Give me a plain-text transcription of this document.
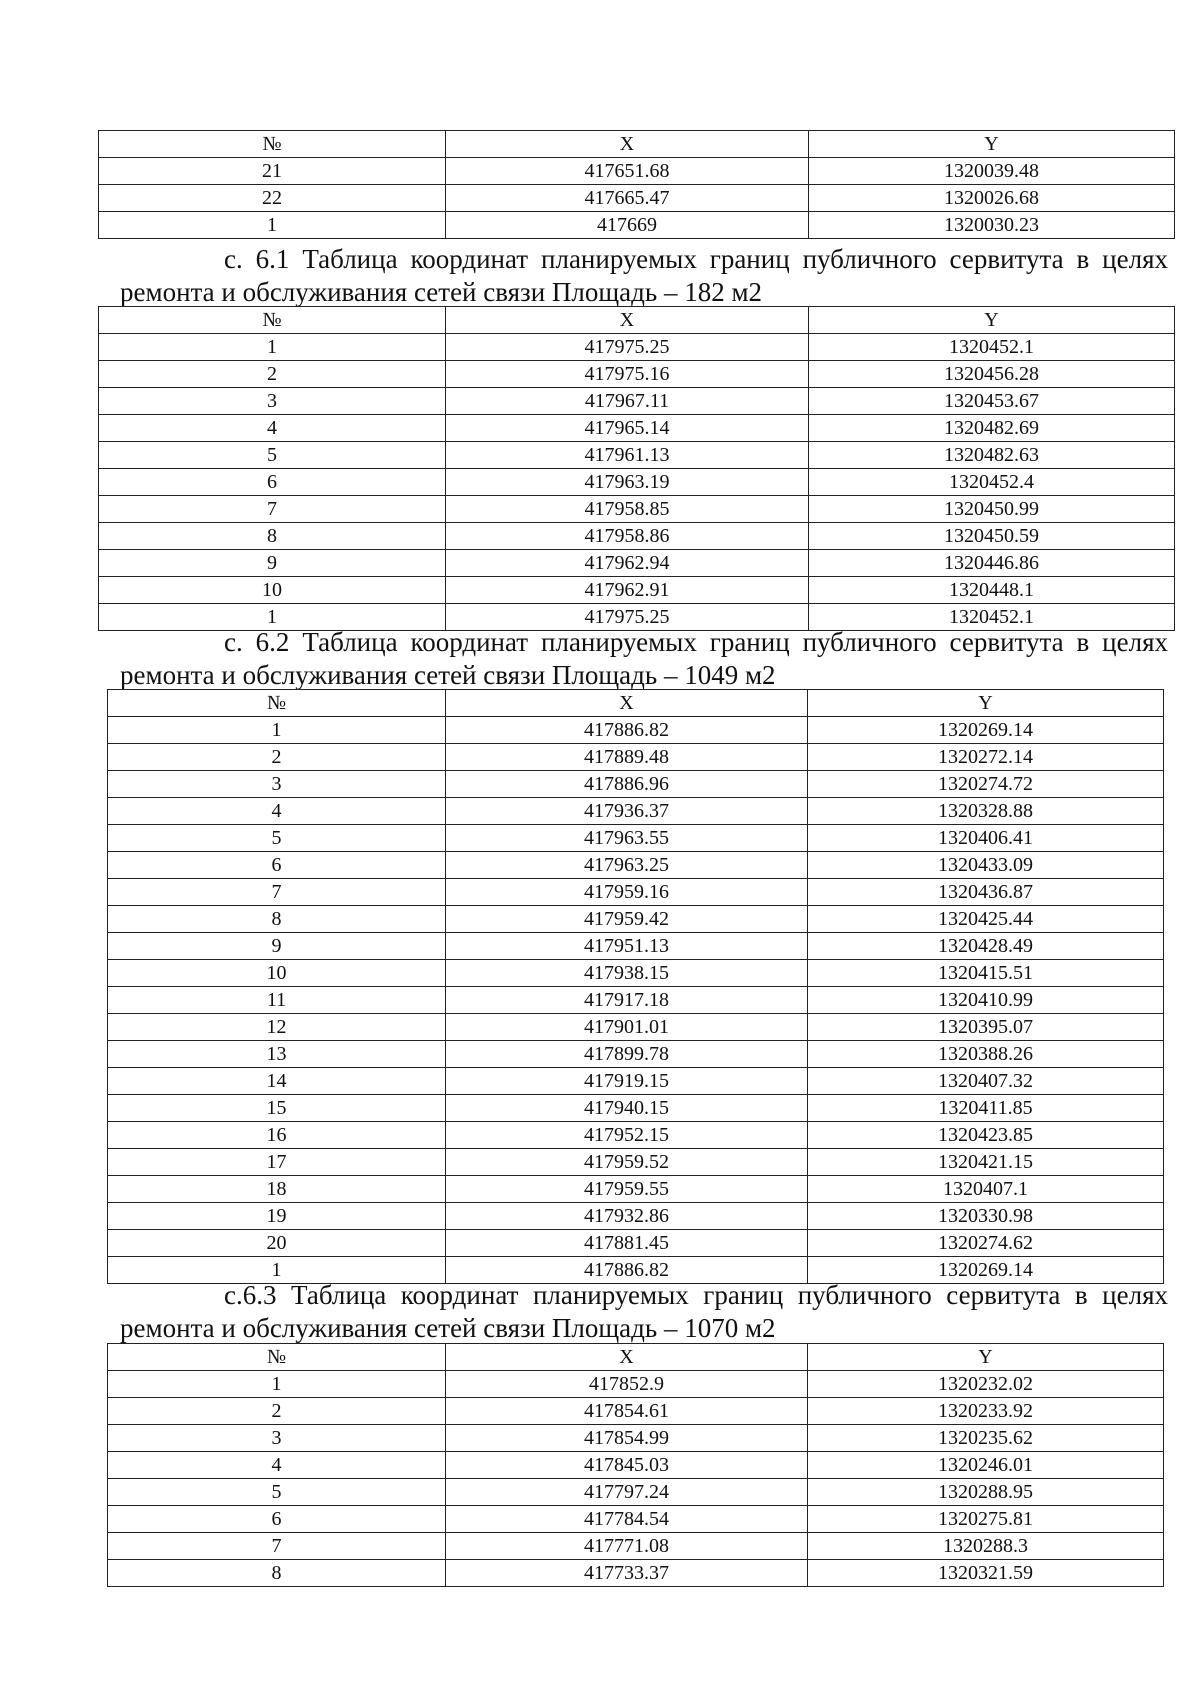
№	X	Y
21	417651.68	1320039.48
22	417665.47	1320026.68
1	417669	1320030.23
с. 6.1 Таблица координат планируемых границ публичного сервитута в целях
ремонта и обслуживания сетей связи Площадь – 182 м2
№	X	Y
1	417975.25	1320452.1
2	417975.16	1320456.28
3	417967.11	1320453.67
4	417965.14	1320482.69
5	417961.13	1320482.63
6	417963.19	1320452.4
7	417958.85	1320450.99
8	417958.86	1320450.59
9	417962.94	1320446.86
10	417962.91	1320448.1
1	417975.25	1320452.1
с. 6.2 Таблица координат планируемых границ публичного сервитута в целях
ремонта и обслуживания сетей связи Площадь – 1049 м2
№	X	Y
1	417886.82	1320269.14
2	417889.48	1320272.14
3	417886.96	1320274.72
4	417936.37	1320328.88
5	417963.55	1320406.41
6	417963.25	1320433.09
7	417959.16	1320436.87
8	417959.42	1320425.44
9	417951.13	1320428.49
10	417938.15	1320415.51
11	417917.18	1320410.99
12	417901.01	1320395.07
13	417899.78	1320388.26
14	417919.15	1320407.32
15	417940.15	1320411.85
16	417952.15	1320423.85
17	417959.52	1320421.15
18	417959.55	1320407.1
19	417932.86	1320330.98
20	417881.45	1320274.62
1	417886.82	1320269.14
с.6.3 Таблица координат планируемых границ публичного сервитута в целях
ремонта и обслуживания сетей связи Площадь – 1070 м2
№	X	Y
1	417852.9	1320232.02
2	417854.61	1320233.92
3	417854.99	1320235.62
4	417845.03	1320246.01
5	417797.24	1320288.95
6	417784.54	1320275.81
7	417771.08	1320288.3
8	417733.37	1320321.59
